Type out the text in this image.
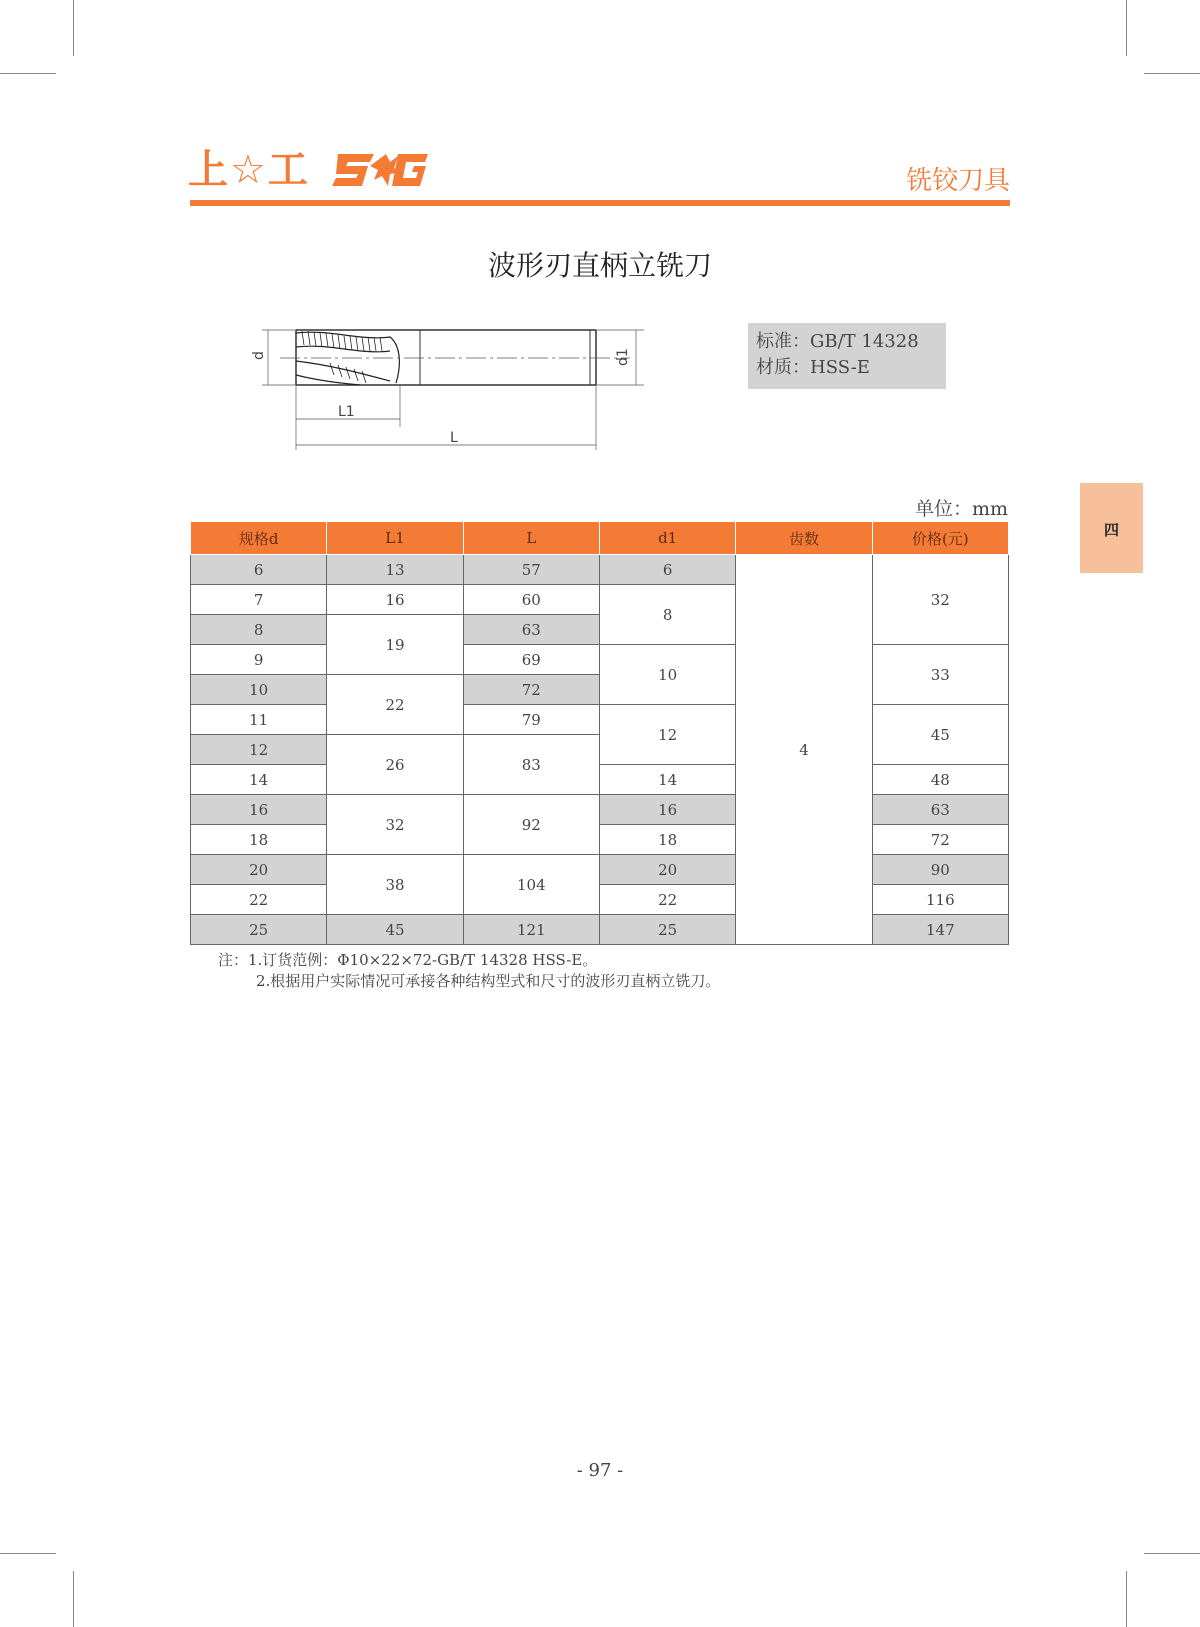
上☆工	铣铰刀具
波形刃直柄立铣刀
d	d1
L1
L
标准：GB/T 14328
材质：HSS-E
四
单位：mm
规格d	L1	L	d1	齿数	价格(元)
6	13	57	6	4	32
7	16	60	8		
8	19	63			
9		69	10		33
10	22	72			
11		79	12		45
12	26	83			
14			14		48
16	32	92	16		63
18			18		72
20	38	104	20		90
22			22		116
25	45	121	25		147
注：1.订货范例：Φ10×22×72-GB/T 14328 HSS-E。
2.根据用户实际情况可承接各种结构型式和尺寸的波形刃直柄立铣刀。
- 97 -
